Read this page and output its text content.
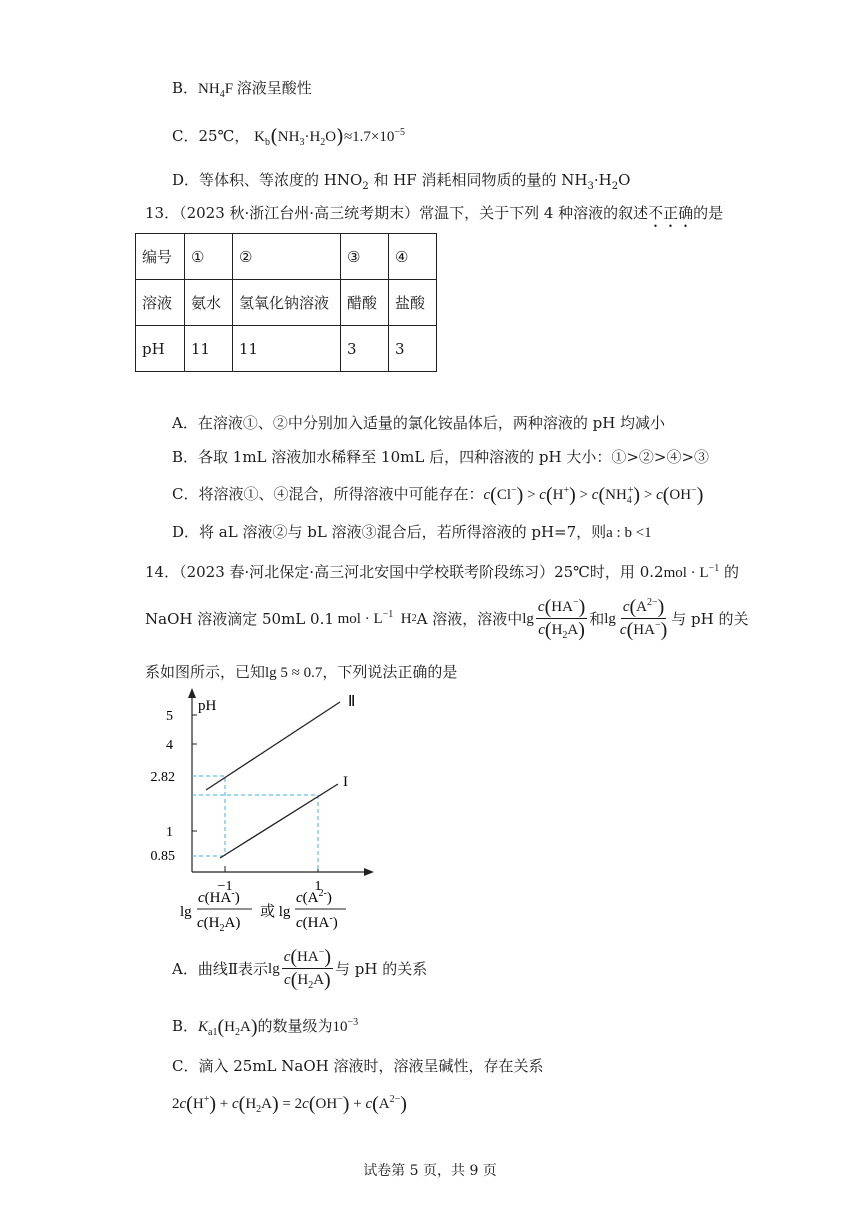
B．$NH_4F$ 溶液呈酸性
C．25℃， $K_b(NH_3\cdot H_2O)\approx 1.7\times 10^{-5}$
D．等体积、等浓度的 $HNO_2$ 和 HF 消耗相同物质的量的 $NH_3\cdot H_2O$
13．（2023 秋·浙江台州·高三统考期末）常温下，关于下列 4 种溶液的叙述不正确的是
编号	①	②	③	④
溶液	氨水	氢氧化钠溶液	醋酸	盐酸
pH	11	11	3	3
A．在溶液①、②中分别加入适量的氯化铵晶体后，两种溶液的 pH 均减小
B．各取 1mL 溶液加水稀释至 10mL 后，四种溶液的 pH 大小：①>②>④>③
C．将溶液①、④混合，所得溶液中可能存在：$c(Cl^-) > c(H^+) > c(NH_4^+) > c(OH^-)$
D．将 aL 溶液②与 bL 溶液③混合后，若所得溶液的 pH=7，则a : b <1
14．（2023 春·河北保定·高三河北安国中学校联考阶段练习）25℃时，用 $0.2mol \cdot L^{-1}$ 的
NaOH 溶液滴定 50mL 0.1 mol · $L^{-1}$ H 2 A 溶液，溶液中 $\lg \frac{c(HA^-)}{c(H_2A)}$ 和 $\lg \frac{c(A^{2-})}{c(HA^-)}$ 与 pH 的关
系如图所示，已知lg 5 ≈ 0.7，下列说法正确的是
pH
5
4
2.82
1
0.85
−1	1
Ⅱ
I
lg
c(HA-)
$c(H_2A)$
或 lg
$c(A^{2-})$
c(HA-)
A．曲线Ⅱ表示 $\lg \frac{c(HA^-)}{c(H_2A)}$ 与 pH 的关系
B．$K_{a1}(H_2A)$的数量级为$10^{-3}$
C．滴入 25mL NaOH 溶液时，溶液呈碱性，存在关系
$2c(H^+) + c(H_2A) = 2c(OH^-) + c(A^{2-})$
试卷第 5 页，共 9 页
